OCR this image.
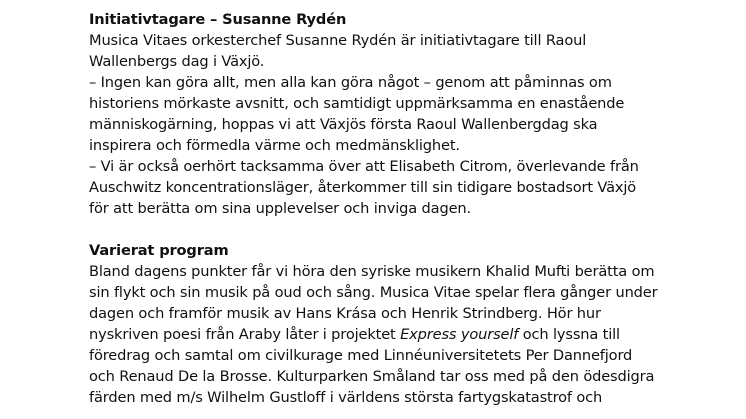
Initiativtagare – Susanne Rydén
Musica Vitaes orkesterchef Susanne Rydén är initiativtagare till Raoul
Wallenbergs dag i Växjö.
– Ingen kan göra allt, men alla kan göra något – genom att påminnas om
historiens mörkaste avsnitt, och samtidigt uppmärksamma en enastående
människogärning, hoppas vi att Växjös första Raoul Wallenbergdag ska
inspirera och förmedla värme och medmänsklighet.
– Vi är också oerhört tacksamma över att Elisabeth Citrom, överlevande från
Auschwitz koncentrationsläger, återkommer till sin tidigare bostadsort Växjö
för att berätta om sina upplevelser och inviga dagen.
Varierat program
Bland dagens punkter får vi höra den syriske musikern Khalid Mufti berätta om
sin flykt och sin musik på oud och sång. Musica Vitae spelar flera gånger under
dagen och framför musik av Hans Krása och Henrik Strindberg. Hör hur
nyskriven poesi från Araby låter i projektet Express yourself och lyssna till
föredrag och samtal om civilkurage med Linnéuniversitetets Per Dannefjord
och Renaud De la Brosse. Kulturparken Småland tar oss med på den ödesdigra
färden med m/s Wilhelm Gustloff i världens största fartygskatastrof och
